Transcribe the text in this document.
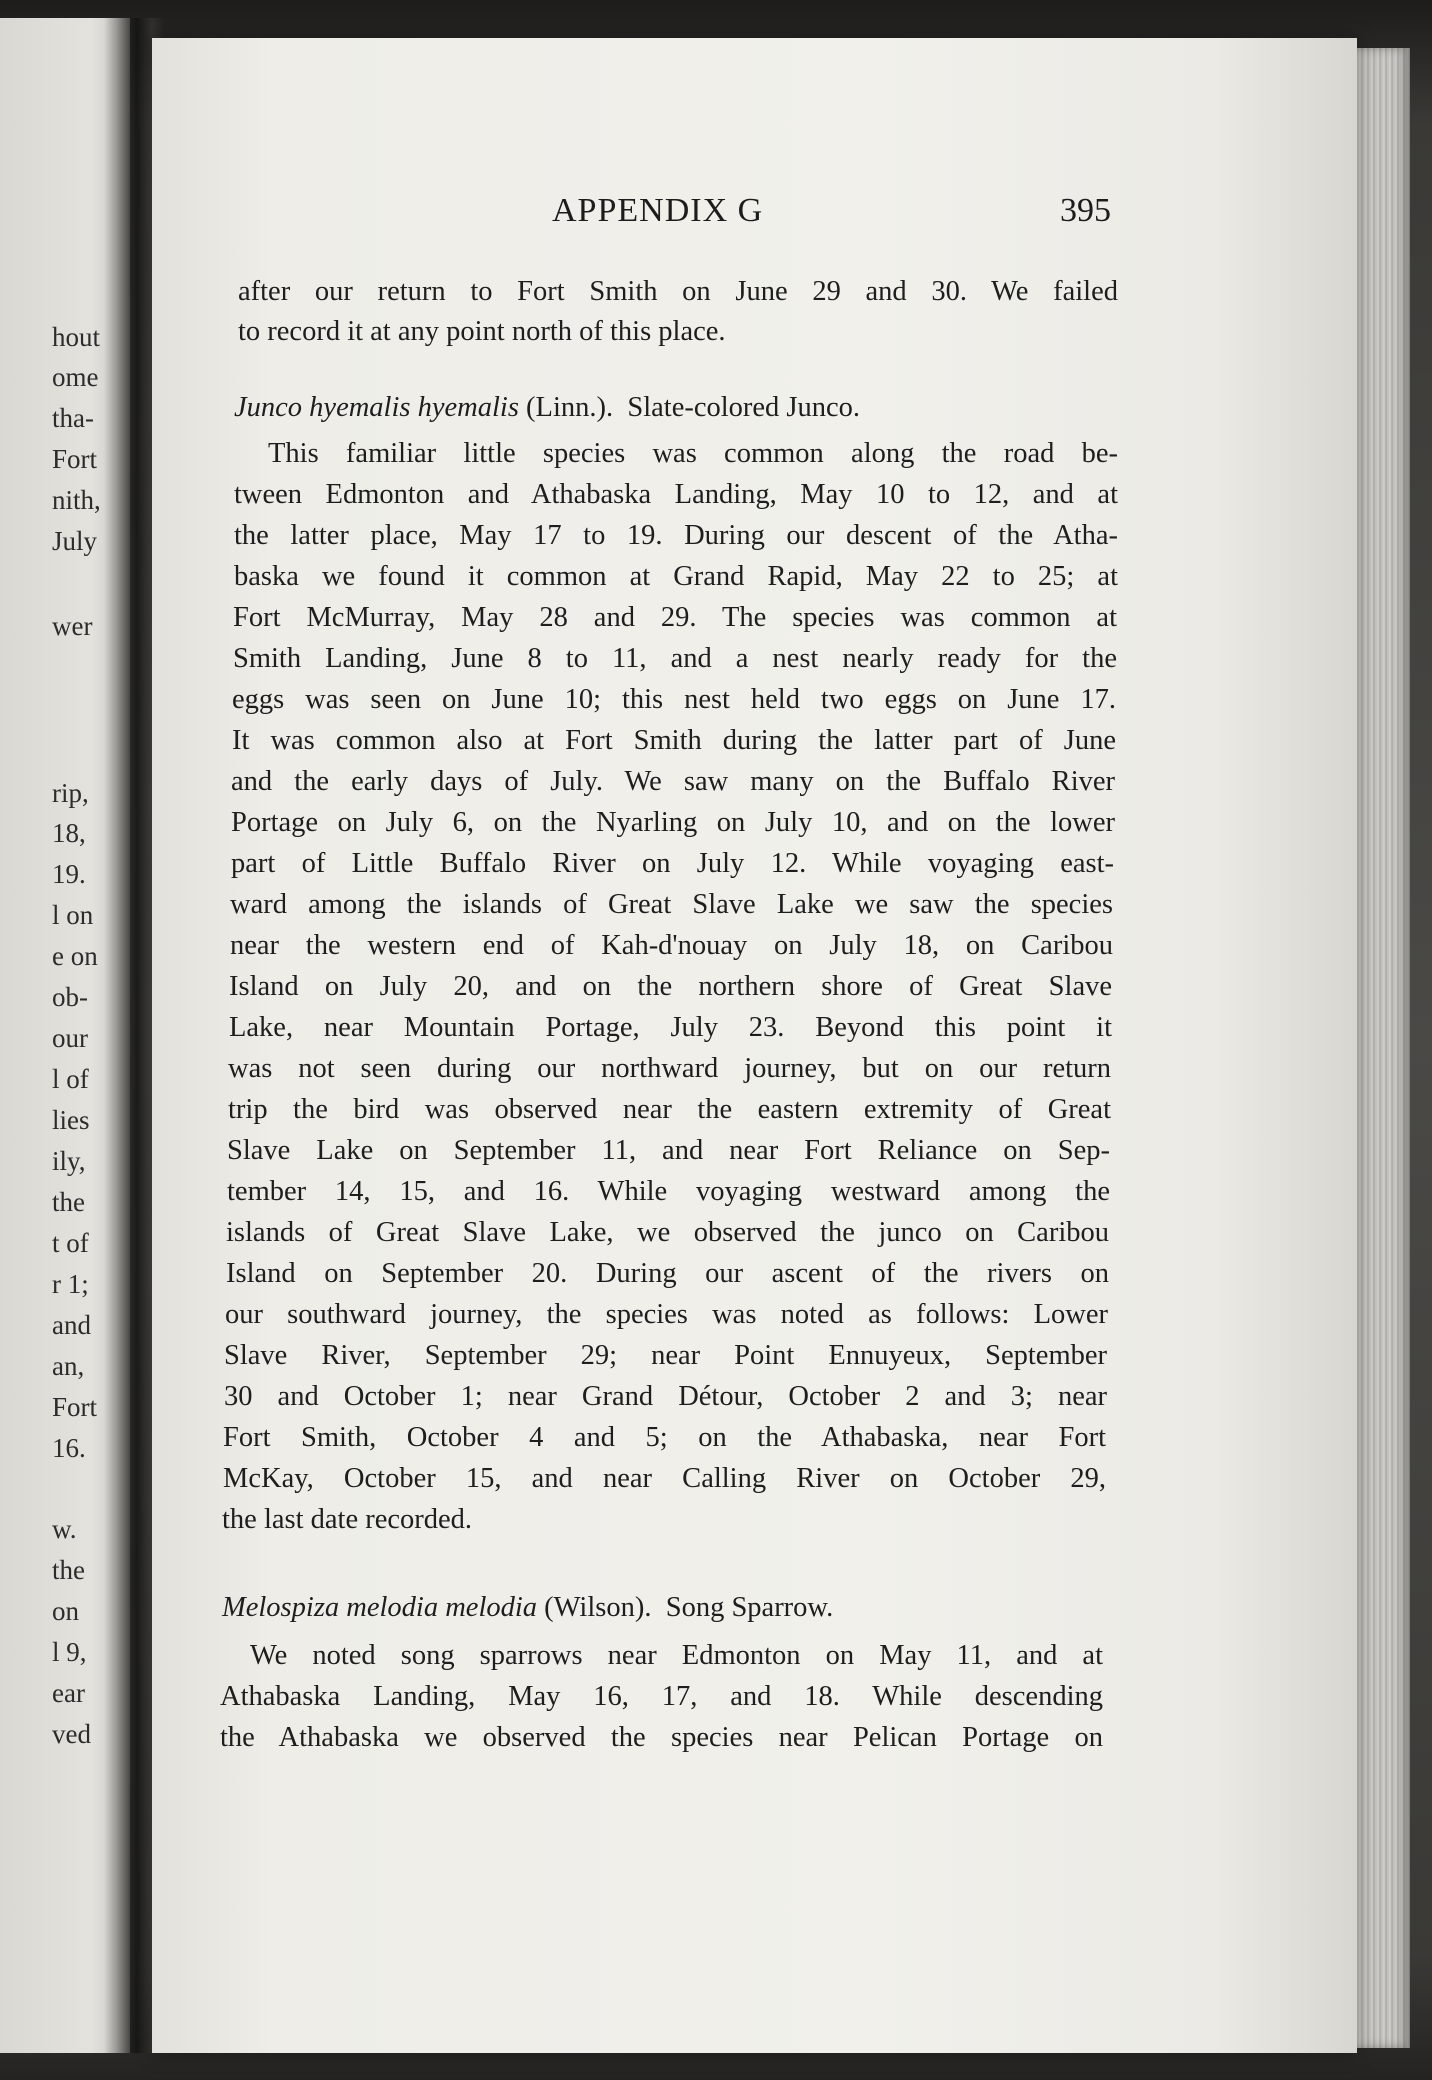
hout
ome
tha-
Fort
nith,
July
wer
rip,
18,
19.
l on
e on
ob-
our
l of
lies
ily,
the
t of
r 1;
and
an,
Fort
16.
w.
the
on
l 9,
ear
ved
APPENDIX G	395
after our return to Fort Smith on June 29 and 30. We failed
to record it at any point north of this place.
Junco hyemalis hyemalis (Linn.). Slate-colored Junco.
This familiar little species was common along the road be-
tween Edmonton and Athabaska Landing, May 10 to 12, and at
the latter place, May 17 to 19. During our descent of the Atha-
baska we found it common at Grand Rapid, May 22 to 25; at
Fort McMurray, May 28 and 29. The species was common at
Smith Landing, June 8 to 11, and a nest nearly ready for the
eggs was seen on June 10; this nest held two eggs on June 17.
It was common also at Fort Smith during the latter part of June
and the early days of July. We saw many on the Buffalo River
Portage on July 6, on the Nyarling on July 10, and on the lower
part of Little Buffalo River on July 12. While voyaging east-
ward among the islands of Great Slave Lake we saw the species
near the western end of Kah-d'nouay on July 18, on Caribou
Island on July 20, and on the northern shore of Great Slave
Lake, near Mountain Portage, July 23. Beyond this point it
was not seen during our northward journey, but on our return
trip the bird was observed near the eastern extremity of Great
Slave Lake on September 11, and near Fort Reliance on Sep-
tember 14, 15, and 16. While voyaging westward among the
islands of Great Slave Lake, we observed the junco on Caribou
Island on September 20. During our ascent of the rivers on
our southward journey, the species was noted as follows: Lower
Slave River, September 29; near Point Ennuyeux, September
30 and October 1; near Grand Détour, October 2 and 3; near
Fort Smith, October 4 and 5; on the Athabaska, near Fort
McKay, October 15, and near Calling River on October 29,
the last date recorded.
Melospiza melodia melodia (Wilson). Song Sparrow.
We noted song sparrows near Edmonton on May 11, and at
Athabaska Landing, May 16, 17, and 18. While descending
the Athabaska we observed the species near Pelican Portage on
